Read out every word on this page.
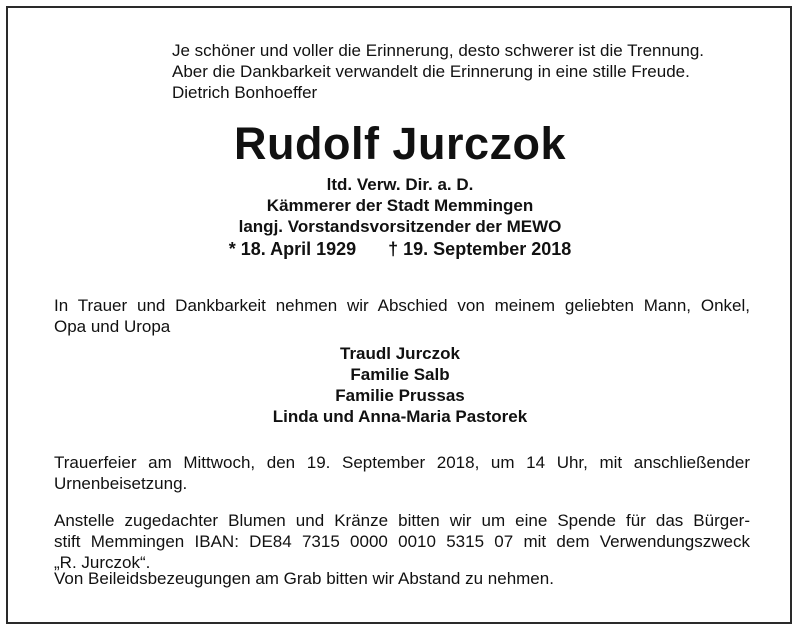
Je schöner und voller die Erinnerung, desto schwerer ist die Trennung.
Aber die Dankbarkeit verwandelt die Erinnerung in eine stille Freude.
Dietrich Bonhoeffer
Rudolf Jurczok
ltd. Verw. Dir. a. D.
Kämmerer der Stadt Memmingen
langj. Vorstandsvorsitzender der MEWO
* 18. April 1929 † 19. September 2018
In Trauer und Dankbarkeit nehmen wir Abschied von meinem geliebten Mann, Onkel,
Opa und Uropa
Traudl Jurczok
Familie Salb
Familie Prussas
Linda und Anna-Maria Pastorek
Trauerfeier am Mittwoch, den 19. September 2018, um 14 Uhr, mit anschließender
Urnenbeisetzung.
Anstelle zugedachter Blumen und Kränze bitten wir um eine Spende für das Bürger-
stift Memmingen IBAN: DE84 7315 0000 0010 5315 07 mit dem Verwendungszweck
„R. Jurczok“.
Von Beileidsbezeugungen am Grab bitten wir Abstand zu nehmen.
